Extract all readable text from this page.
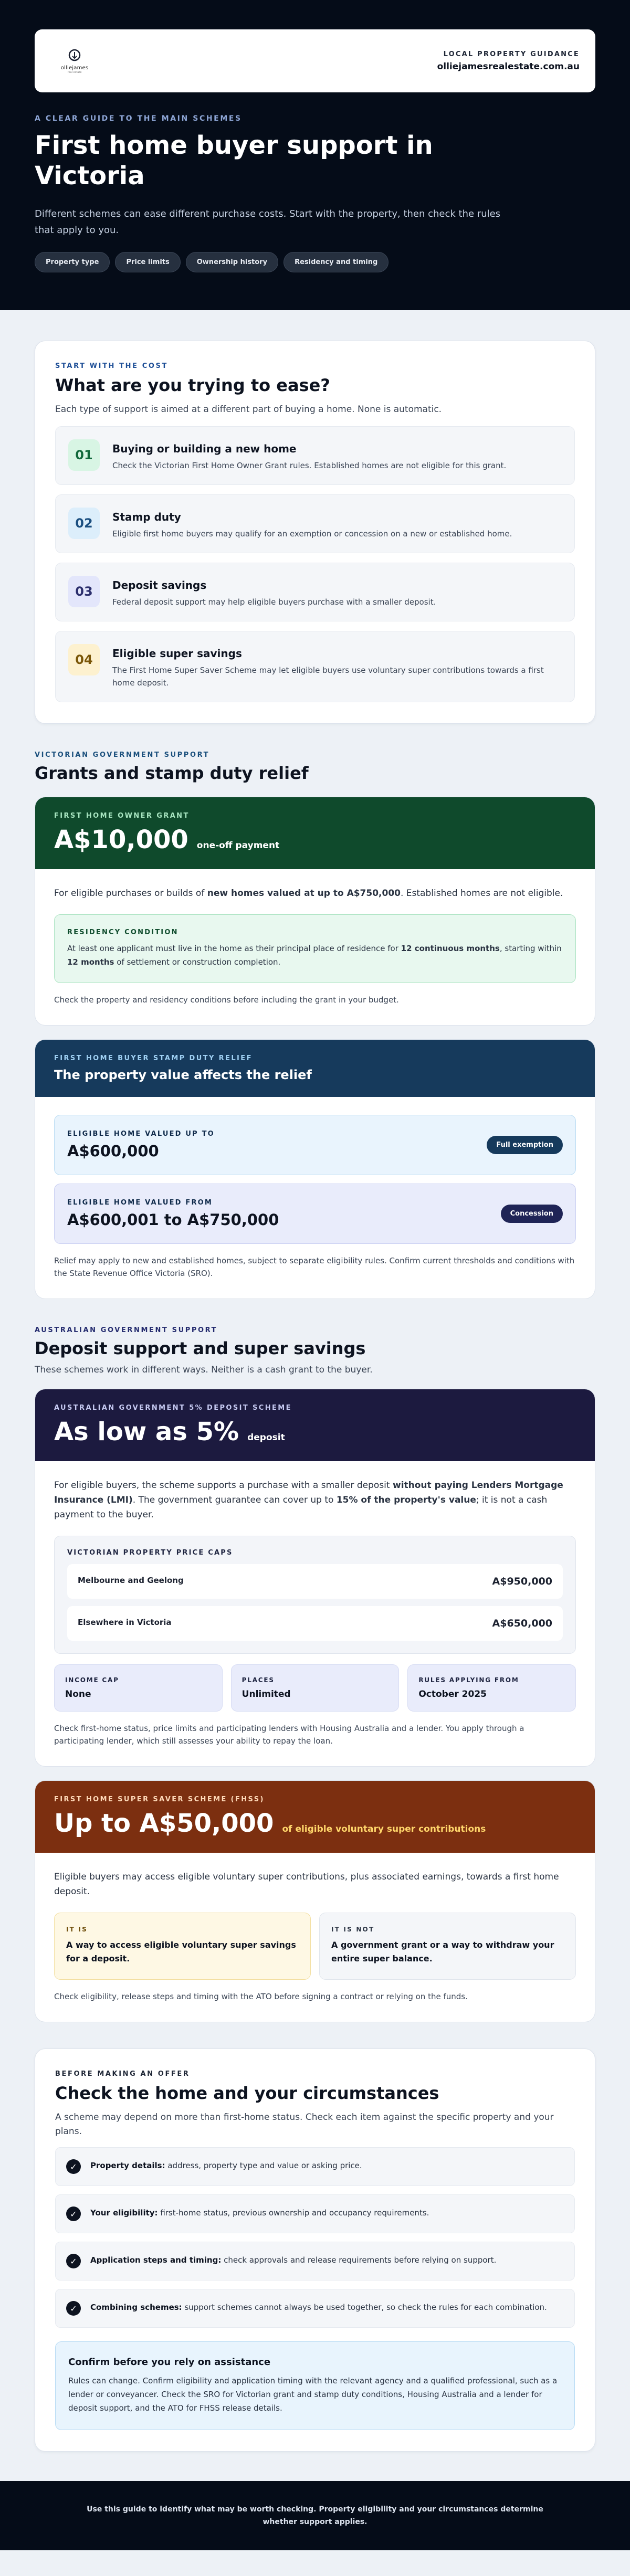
olliejames
real estate
LOCAL PROPERTY GUIDANCE
olliejamesrealestate.com.au
A CLEAR GUIDE TO THE MAIN SCHEMES
First home buyer support in Victoria
Different schemes can ease different purchase costs. Start with the property, then check the rules that apply to you.
Property type	Price limits	Ownership history	Residency and timing
START WITH THE COST
What are you trying to ease?
Each type of support is aimed at a different part of buying a home. None is automatic.
01	Buying or building a new home
Check the Victorian First Home Owner Grant rules. Established homes are not eligible for this grant.
02	Stamp duty
Eligible first home buyers may qualify for an exemption or concession on a new or established home.
03	Deposit savings
Federal deposit support may help eligible buyers purchase with a smaller deposit.
04	Eligible super savings
The First Home Super Saver Scheme may let eligible buyers use voluntary super contributions towards a first home deposit.
VICTORIAN GOVERNMENT SUPPORT
Grants and stamp duty relief
FIRST HOME OWNER GRANT
A$10,000 one-off payment
For eligible purchases or builds of new homes valued at up to A$750,000. Established homes are not eligible.
RESIDENCY CONDITION
At least one applicant must live in the home as their principal place of residence for 12 continuous months, starting within 12 months of settlement or construction completion.
Check the property and residency conditions before including the grant in your budget.
FIRST HOME BUYER STAMP DUTY RELIEF
The property value affects the relief
ELIGIBLE HOME VALUED UP TO
A$600,000	Full exemption
ELIGIBLE HOME VALUED FROM
A$600,001 to A$750,000	Concession
Relief may apply to new and established homes, subject to separate eligibility rules. Confirm current thresholds and conditions with the State Revenue Office Victoria (SRO).
AUSTRALIAN GOVERNMENT SUPPORT
Deposit support and super savings
These schemes work in different ways. Neither is a cash grant to the buyer.
AUSTRALIAN GOVERNMENT 5% DEPOSIT SCHEME
As low as 5% deposit
For eligible buyers, the scheme supports a purchase with a smaller deposit without paying Lenders Mortgage Insurance (LMI). The government guarantee can cover up to 15% of the property's value; it is not a cash payment to the buyer.
VICTORIAN PROPERTY PRICE CAPS
Melbourne and Geelong	A$950,000
Elsewhere in Victoria	A$650,000
INCOME CAP
None
PLACES
Unlimited
RULES APPLYING FROM
October 2025
Check first-home status, price limits and participating lenders with Housing Australia and a lender. You apply through a participating lender, which still assesses your ability to repay the loan.
FIRST HOME SUPER SAVER SCHEME (FHSS)
Up to A$50,000 of eligible voluntary super contributions
Eligible buyers may access eligible voluntary super contributions, plus associated earnings, towards a first home deposit.
IT IS
A way to access eligible voluntary super savings for a deposit.
IT IS NOT
A government grant or a way to withdraw your entire super balance.
Check eligibility, release steps and timing with the ATO before signing a contract or relying on the funds.
BEFORE MAKING AN OFFER
Check the home and your circumstances
A scheme may depend on more than first-home status. Check each item against the specific property and your plans.
✓	Property details: address, property type and value or asking price.
✓	Your eligibility: first-home status, previous ownership and occupancy requirements.
✓	Application steps and timing: check approvals and release requirements before relying on support.
✓	Combining schemes: support schemes cannot always be used together, so check the rules for each combination.
Confirm before you rely on assistance
Rules can change. Confirm eligibility and application timing with the relevant agency and a qualified professional, such as a lender or conveyancer. Check the SRO for Victorian grant and stamp duty conditions, Housing Australia and a lender for deposit support, and the ATO for FHSS release details.
Use this guide to identify what may be worth checking. Property eligibility and your circumstances determine whether support applies.
